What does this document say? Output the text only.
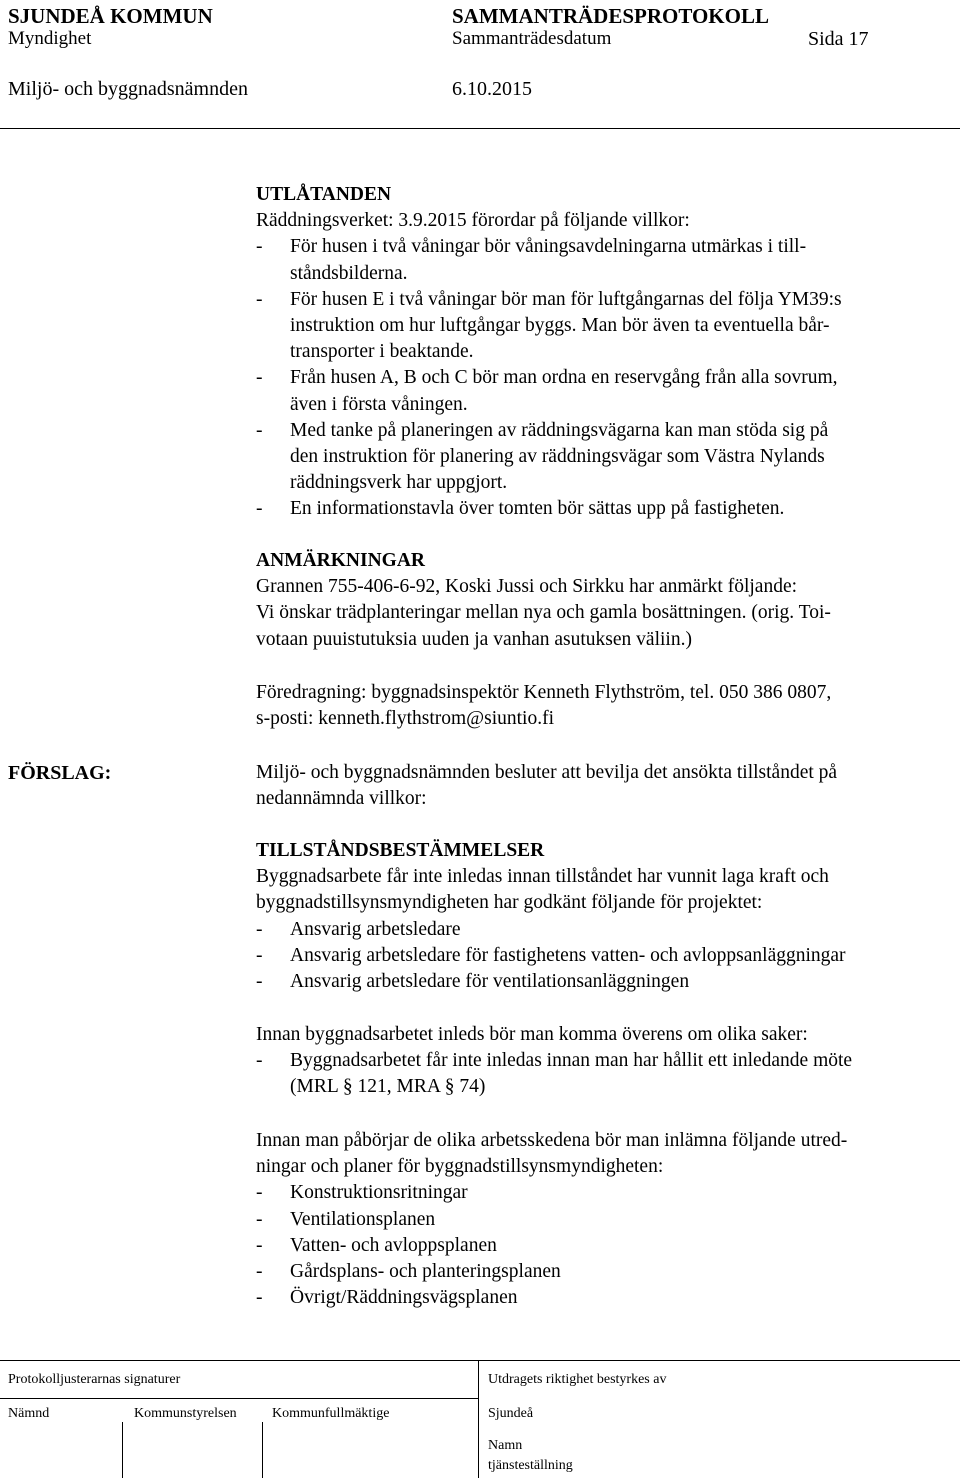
SJUNDEÅ KOMMUN	SAMMANTRÄDESPROTOKOLL
Myndighet	Sammanträdesdatum	Sida 17
Miljö- och byggnadsnämnden	6.10.2015
UTLÅTANDEN
Räddningsverket: 3.9.2015 förordar på följande villkor:
- För husen i två våningar bör våningsavdelningarna utmärkas i till-
ståndsbilderna.
- För husen E i två våningar bör man för luftgångarnas del följa YM39:s
instruktion om hur luftgångar byggs. Man bör även ta eventuella bår-
transporter i beaktande.
- Från husen A, B och C bör man ordna en reservgång från alla sovrum,
även i första våningen.
- Med tanke på planeringen av räddningsvägarna kan man stöda sig på
den instruktion för planering av räddningsvägar som Västra Nylands
räddningsverk har uppgjort.
- En informationstavla över tomten bör sättas upp på fastigheten.
ANMÄRKNINGAR
Grannen 755-406-6-92, Koski Jussi och Sirkku har anmärkt följande:
Vi önskar trädplanteringar mellan nya och gamla bosättningen. (orig. Toi-
votaan puuistutuksia uuden ja vanhan asutuksen väliin.)
Föredragning: byggnadsinspektör Kenneth Flythström, tel. 050 386 0807,
s-posti: kenneth.flythstrom@siuntio.fi
FÖRSLAG:	Miljö- och byggnadsnämnden besluter att bevilja det ansökta tillståndet på
nedannämnda villkor:
TILLSTÅNDSBESTÄMMELSER
Byggnadsarbete får inte inledas innan tillståndet har vunnit laga kraft och
byggnadstillsynsmyndigheten har godkänt följande för projektet:
- Ansvarig arbetsledare
- Ansvarig arbetsledare för fastighetens vatten- och avloppsanläggningar
- Ansvarig arbetsledare för ventilationsanläggningen
Innan byggnadsarbetet inleds bör man komma överens om olika saker:
- Byggnadsarbetet får inte inledas innan man har hållit ett inledande möte
(MRL § 121, MRA § 74)
Innan man påbörjar de olika arbetsskedena bör man inlämna följande utred-
ningar och planer för byggnadstillsynsmyndigheten:
- Konstruktionsritningar
- Ventilationsplanen
- Vatten- och avloppsplanen
- Gårdsplans- och planteringsplanen
- Övrigt/Räddningsvägsplanen
Protokolljusterarnas signaturer	Utdragets riktighet bestyrkes av
Nämnd	Kommunstyrelsen	Kommunfullmäktige	Sjundeå
Namn
tjänsteställning
